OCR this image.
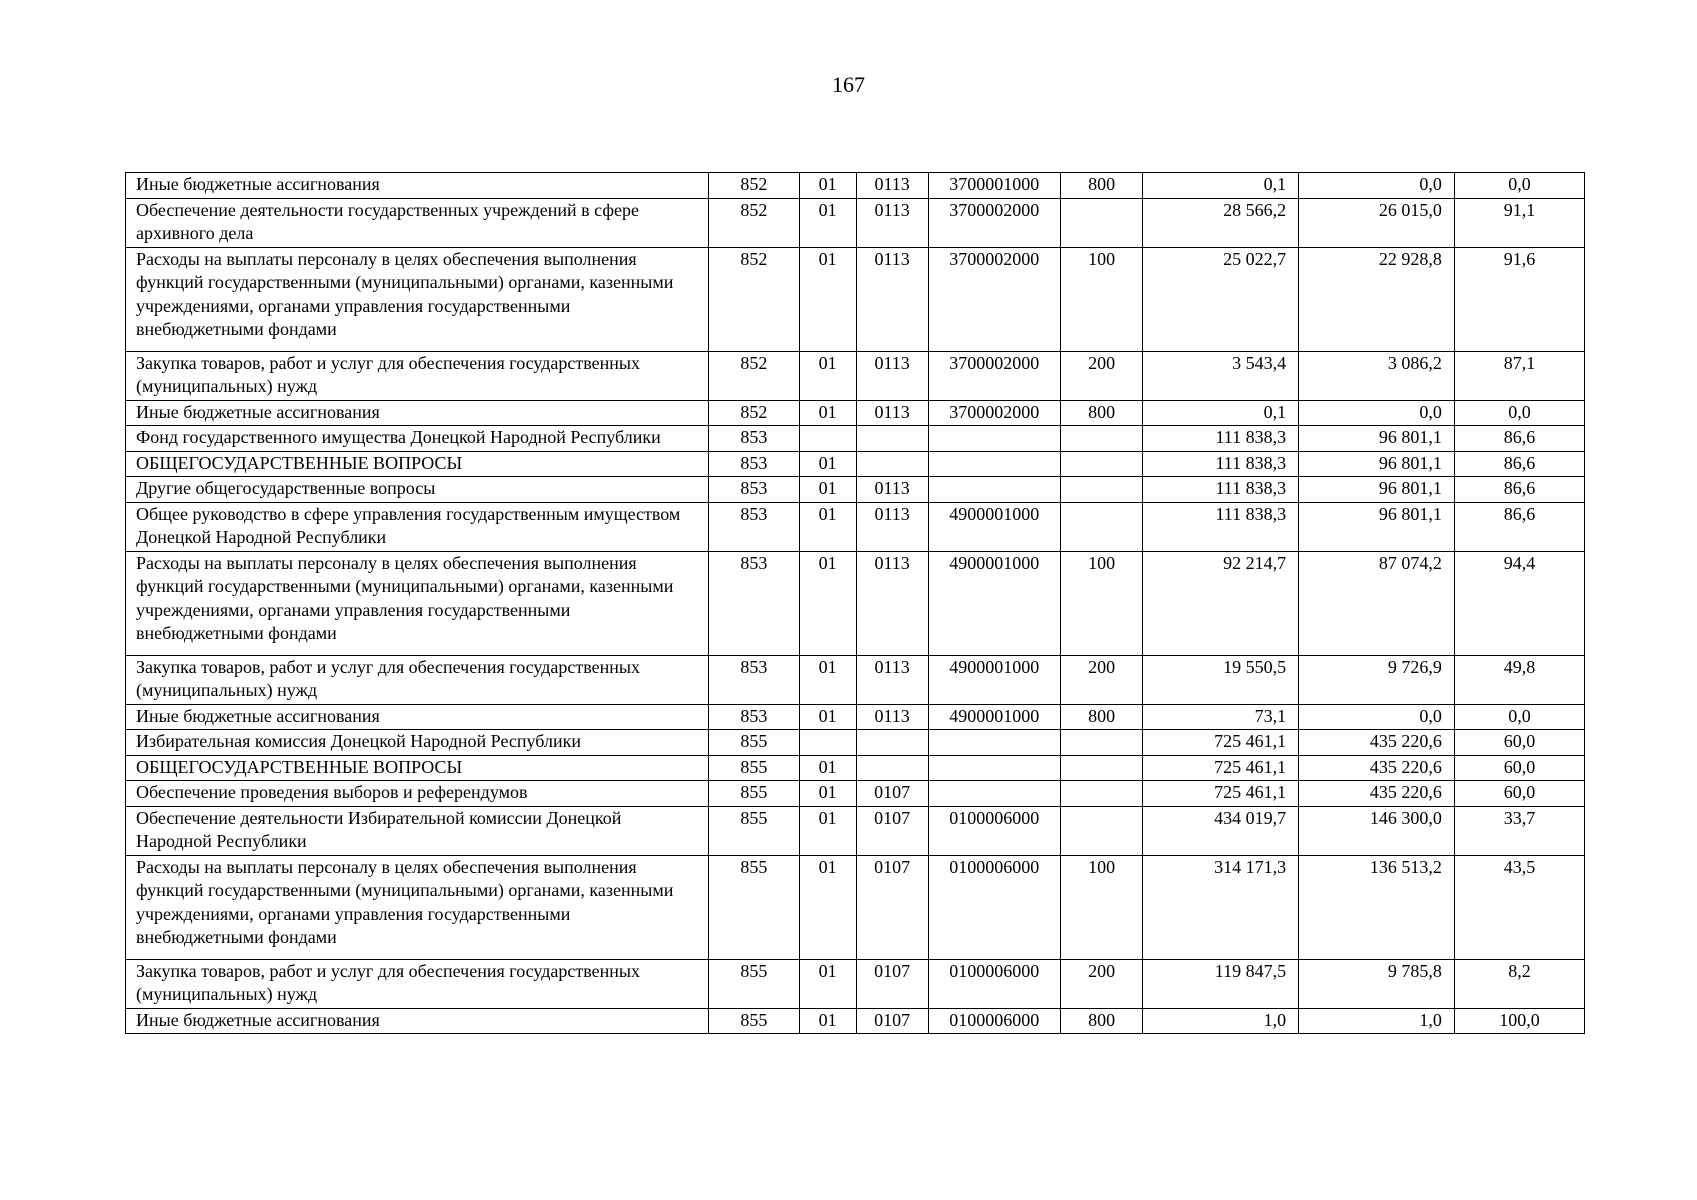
167
Иные бюджетные ассигнования	852	01	0113	3700001000	800	0,1	0,0	0,0
Обеспечение деятельности государственных учреждений в сфере архивного дела	852	01	0113	3700002000		28 566,2	26 015,0	91,1
Расходы на выплаты персоналу в целях обеспечения выполнения функций государственными (муниципальными) органами, казенными учреждениями, органами управления государственными внебюджетными фондами	852	01	0113	3700002000	100	25 022,7	22 928,8	91,6
Закупка товаров, работ и услуг для обеспечения государственных (муниципальных) нужд	852	01	0113	3700002000	200	3 543,4	3 086,2	87,1
Иные бюджетные ассигнования	852	01	0113	3700002000	800	0,1	0,0	0,0
Фонд государственного имущества Донецкой Народной Республики	853					111 838,3	96 801,1	86,6
ОБЩЕГОСУДАРСТВЕННЫЕ ВОПРОСЫ	853	01				111 838,3	96 801,1	86,6
Другие общегосударственные вопросы	853	01	0113			111 838,3	96 801,1	86,6
Общее руководство в сфере управления государственным имуществом Донецкой Народной Республики	853	01	0113	4900001000		111 838,3	96 801,1	86,6
Расходы на выплаты персоналу в целях обеспечения выполнения функций государственными (муниципальными) органами, казенными учреждениями, органами управления государственными внебюджетными фондами	853	01	0113	4900001000	100	92 214,7	87 074,2	94,4
Закупка товаров, работ и услуг для обеспечения государственных (муниципальных) нужд	853	01	0113	4900001000	200	19 550,5	9 726,9	49,8
Иные бюджетные ассигнования	853	01	0113	4900001000	800	73,1	0,0	0,0
Избирательная комиссия Донецкой Народной Республики	855					725 461,1	435 220,6	60,0
ОБЩЕГОСУДАРСТВЕННЫЕ ВОПРОСЫ	855	01				725 461,1	435 220,6	60,0
Обеспечение проведения выборов и референдумов	855	01	0107			725 461,1	435 220,6	60,0
Обеспечение деятельности Избирательной комиссии Донецкой Народной Республики	855	01	0107	0100006000		434 019,7	146 300,0	33,7
Расходы на выплаты персоналу в целях обеспечения выполнения функций государственными (муниципальными) органами, казенными учреждениями, органами управления государственными внебюджетными фондами	855	01	0107	0100006000	100	314 171,3	136 513,2	43,5
Закупка товаров, работ и услуг для обеспечения государственных (муниципальных) нужд	855	01	0107	0100006000	200	119 847,5	9 785,8	8,2
Иные бюджетные ассигнования	855	01	0107	0100006000	800	1,0	1,0	100,0
